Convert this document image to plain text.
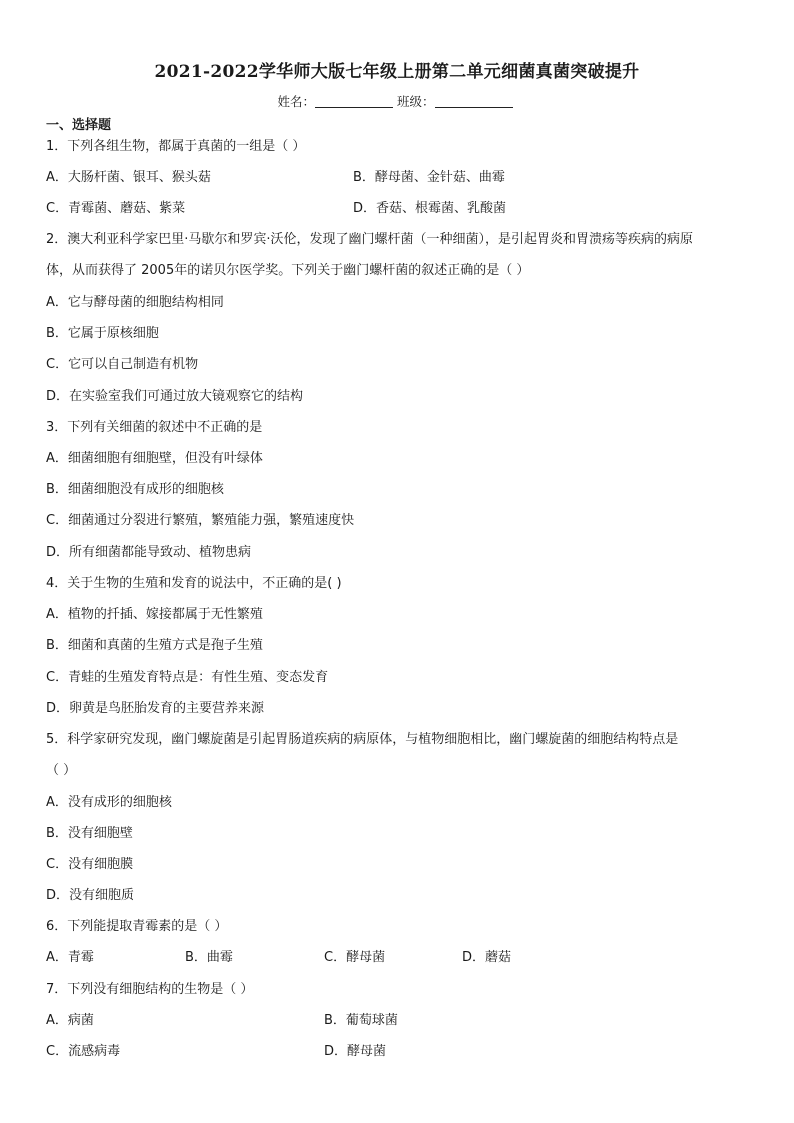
2021-2022学华师大版七年级上册第二单元细菌真菌突破提升
姓名：	班级：
一、选择题
1．下列各组生物，都属于真菌的一组是（ ）
A．大肠杆菌、银耳、猴头菇	B．酵母菌、金针菇、曲霉
C．青霉菌、蘑菇、紫菜	D．香菇、根霉菌、乳酸菌
2．澳大利亚科学家巴里·马歇尔和罗宾·沃伦，发现了幽门螺杆菌（一种细菌），是引起胃炎和胃溃疡等疾病的病原
体，从而获得了 2005年的诺贝尔医学奖。下列关于幽门螺杆菌的叙述正确的是（ ）
A．它与酵母菌的细胞结构相同
B．它属于原核细胞
C．它可以自己制造有机物
D．在实验室我们可通过放大镜观察它的结构
3．下列有关细菌的叙述中不正确的是
A．细菌细胞有细胞壁，但没有叶绿体
B．细菌细胞没有成形的细胞核
C．细菌通过分裂进行繁殖，繁殖能力强，繁殖速度快
D．所有细菌都能导致动、植物患病
4．关于生物的生殖和发育的说法中，不正确的是( )
A．植物的扦插、嫁接都属于无性繁殖
B．细菌和真菌的生殖方式是孢子生殖
C．青蛙的生殖发育特点是：有性生殖、变态发育
D．卵黄是鸟胚胎发育的主要营养来源
5．科学家研究发现，幽门螺旋菌是引起胃肠道疾病的病原体，与植物细胞相比，幽门螺旋菌的细胞结构特点是
（ ）
A．没有成形的细胞核
B．没有细胞壁
C．没有细胞膜
D．没有细胞质
6．下列能提取青霉素的是（ ）
A．青霉	B．曲霉	C．酵母菌	D．蘑菇
7．下列没有细胞结构的生物是（ ）
A．病菌	B．葡萄球菌
C．流感病毒	D．酵母菌
